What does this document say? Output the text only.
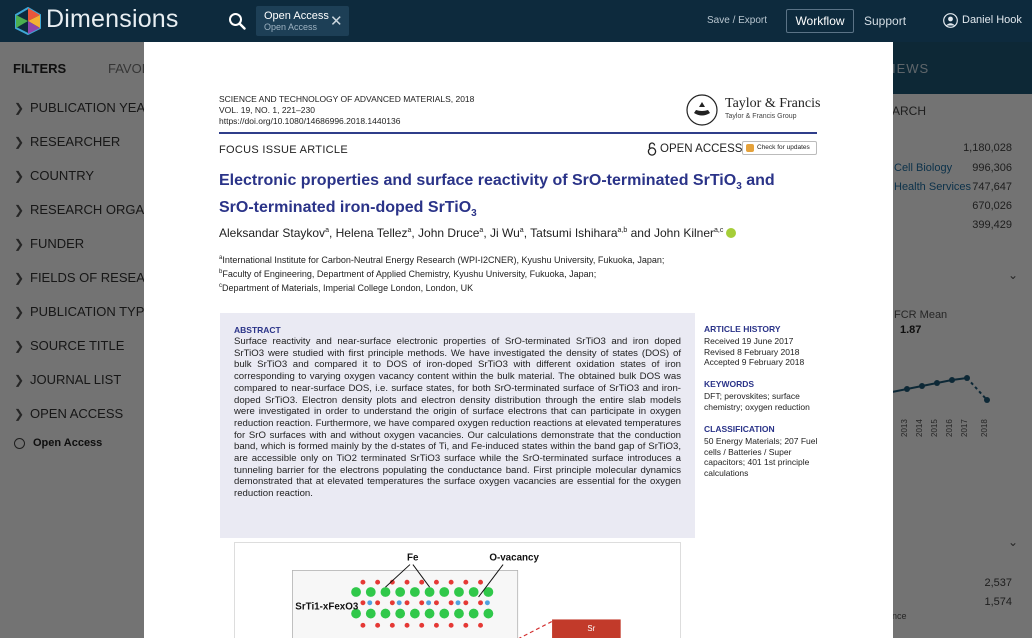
Dimensions	Open Access
Open Access ✕	Save / Export	Workflow	Support	Daniel Hook
SCIENCE AND TECHNOLOGY OF ADVANCED MATERIALS, 2018
VOL. 19, NO. 1, 221–230
https://doi.org/10.1080/14686996.2018.1440136
Taylor & Francis
Taylor & Francis Group
FOCUS ISSUE ARTICLE	OPEN ACCESS	Check for updates
Electronic properties and surface reactivity of SrO-terminated SrTiO$_3$ and
SrO-terminated iron-doped SrTiO$_3$
Aleksandar Staykov$^a$, Helena Tellez$^a$, John Druce$^a$, Ji Wu$^a$, Tatsumi Ishihara$^{a,b}$ and John Kilner$^{a,c}$
$^a$International Institute for Carbon-Neutral Energy Research (WPI-I2CNER), Kyushu University, Fukuoka, Japan;
$^b$Faculty of Engineering, Department of Applied Chemistry, Kyushu University, Fukuoka, Japan;
$^c$Department of Materials, Imperial College London, London, UK
ABSTRACT

Surface reactivity and near-surface electronic properties of SrO-terminated SrTiO3 and iron doped SrTiO3 were studied with first principle methods. We have investigated the density of states (DOS) of bulk SrTiO3 and compared it to DOS of iron-doped SrTiO3 with different oxidation states of iron corresponding to varying oxygen vacancy content within the bulk material. The obtained bulk DOS was compared to near-surface DOS, i.e. surface states, for both SrO-terminated surface of SrTiO3 and iron-doped SrTiO3. Electron density plots and electron density distribution through the entire slab models were investigated in order to understand the origin of surface electrons that can participate in oxygen reduction reaction. Furthermore, we have compared oxygen reduction reactions at elevated temperatures for SrO surfaces with and without oxygen vacancies. Our calculations demonstrate that the conduction band, which is formed mainly by the d-states of Ti, and Fe-induced states within the band gap of SrTiO3, are accessible only on TiO2 terminated SrTiO3 surface while the SrO-terminated surface introduces a tunneling barrier for the electrons populating the conductance band. First principle molecular dynamics demonstrated that at elevated temperatures the surface oxygen vacancies are essential for the oxygen reduction reaction.

ARTICLE HISTORY
Received 19 June 2017
Revised 8 February 2018
Accepted 9 February 2018
KEYWORDS
DFT; perovskites; surface chemistry; oxygen reduction
CLASSIFICATION
50 Energy Materials; 207 Fuel cells / Batteries / Super capacitors; 401 1st principle calculations
Fe	O-vacancy
SrTi1-xFexO3
Sr
